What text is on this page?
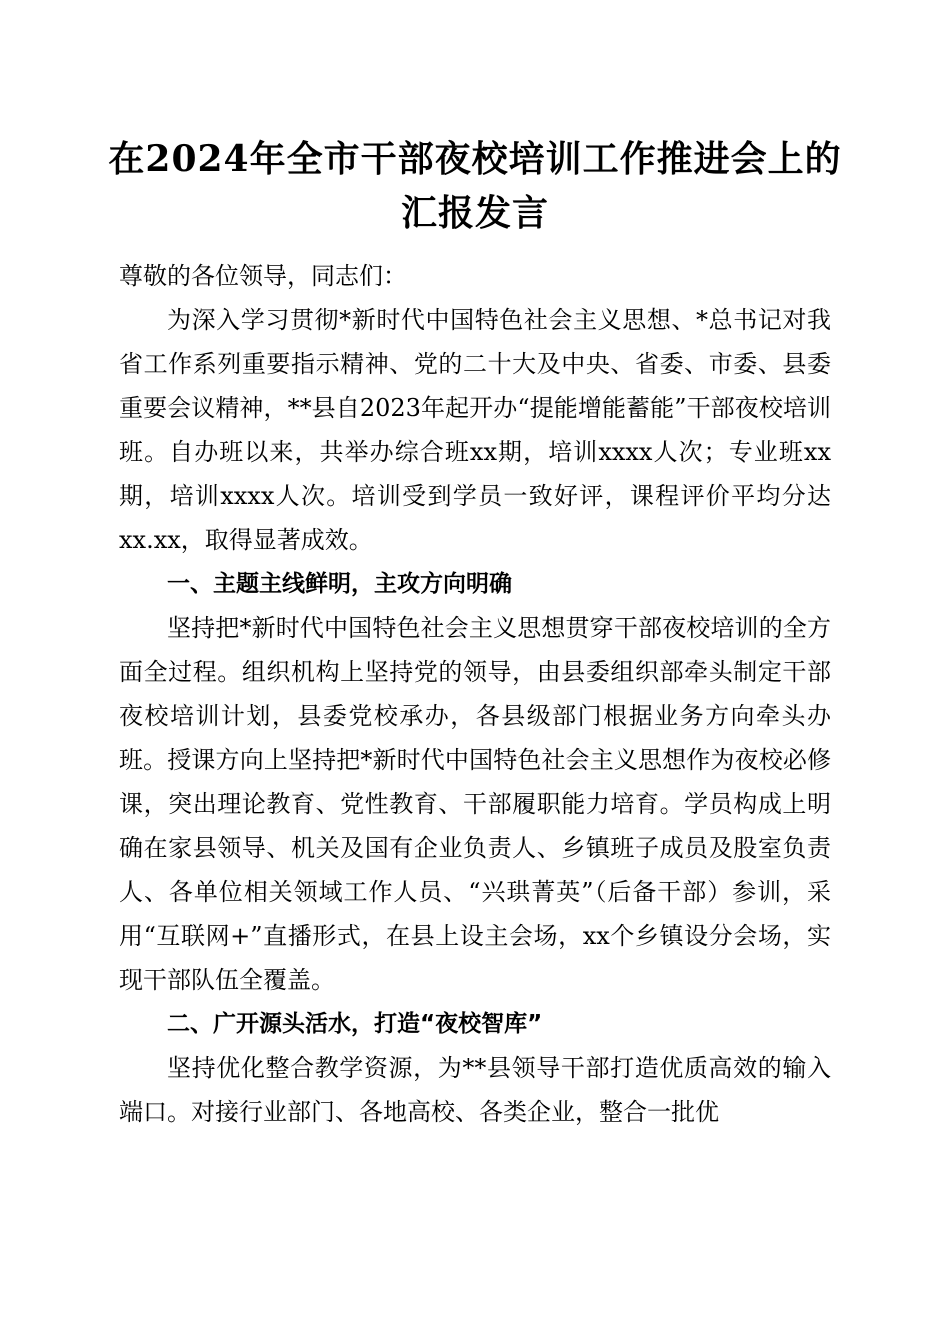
在2024年全市干部夜校培训工作推进会上的
汇报发言

尊敬的各位领导，同志们：

为深入学习贯彻*新时代中国特色社会主义思想、*总书记对我省工作系列重要指示精神、党的二十大及中央、省委、市委、县委重要会议精神，**县自2023年起开办“提能增能蓄能”干部夜校培训班。自办班以来，共举办综合班xx期，培训xxxx人次；专业班xx期，培训xxxx人次。培训受到学员一致好评，课程评价平均分达xx.xx，取得显著成效。

一、主题主线鲜明，主攻方向明确

坚持把*新时代中国特色社会主义思想贯穿干部夜校培训的全方面全过程。组织机构上坚持党的领导，由县委组织部牵头制定干部夜校培训计划，县委党校承办，各县级部门根据业务方向牵头办班。授课方向上坚持把*新时代中国特色社会主义思想作为夜校必修课，突出理论教育、党性教育、干部履职能力培育。学员构成上明确在家县领导、机关及国有企业负责人、乡镇班子成员及股室负责人、各单位相关领域工作人员、“兴珙菁英”（后备干部）参训，采用“互联网+”直播形式，在县上设主会场，xx个乡镇设分会场，实现干部队伍全覆盖。

二、广开源头活水，打造“夜校智库”

坚持优化整合教学资源，为**县领导干部打造优质高效的输入端口。对接行业部门、各地高校、各类企业，整合一批优
